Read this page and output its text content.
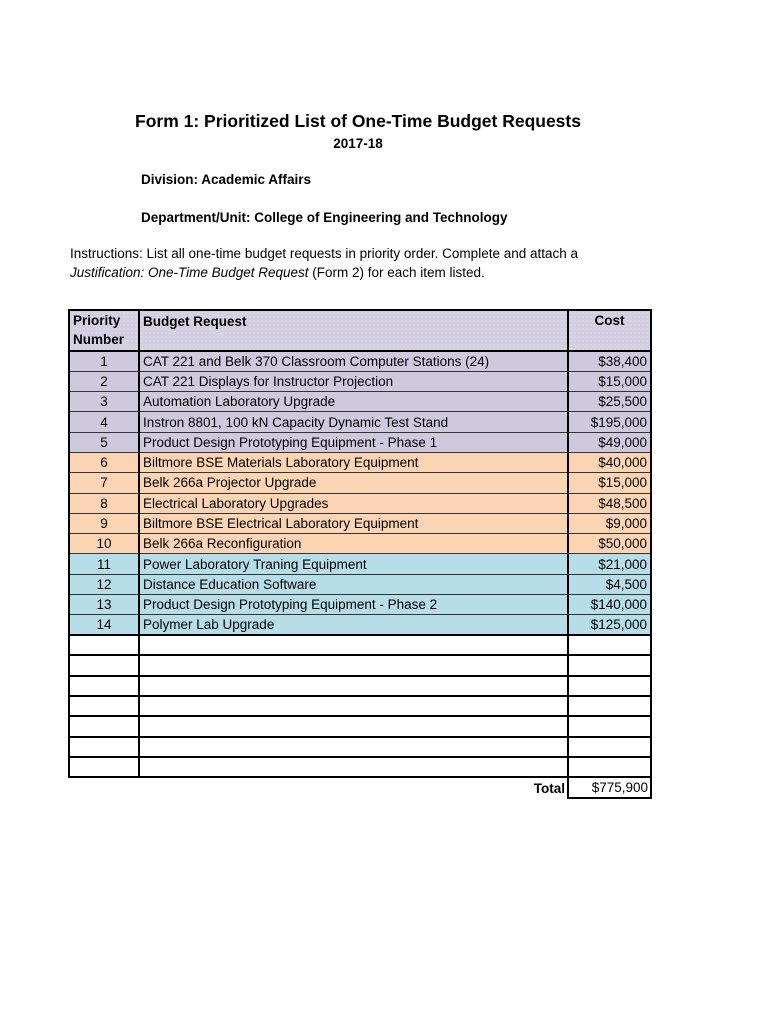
Form 1: Prioritized List of One-Time Budget Requests
2017-18
Division: Academic Affairs
Department/Unit: College of Engineering and Technology
Instructions: List all one-time budget requests in priority order. Complete and attach a
Justification: One-Time Budget Request (Form 2) for each item listed.
Priority
Number	Budget Request	Cost
1	CAT 221 and Belk 370 Classroom Computer Stations (24)	$38,400
2	CAT 221 Displays for Instructor Projection	$15,000
3	Automation Laboratory Upgrade	$25,500
4	Instron 8801, 100 kN Capacity Dynamic Test Stand	$195,000
5	Product Design Prototyping Equipment - Phase 1	$49,000
6	Biltmore BSE Materials Laboratory Equipment	$40,000
7	Belk 266a Projector Upgrade	$15,000
8	Electrical Laboratory Upgrades	$48,500
9	Biltmore BSE Electrical Laboratory Equipment	$9,000
10	Belk 266a Reconfiguration	$50,000
11	Power Laboratory Traning Equipment	$21,000
12	Distance Education Software	$4,500
13	Product Design Prototyping Equipment - Phase 2	$140,000
14	Polymer Lab Upgrade	$125,000

	Total	$775,900
